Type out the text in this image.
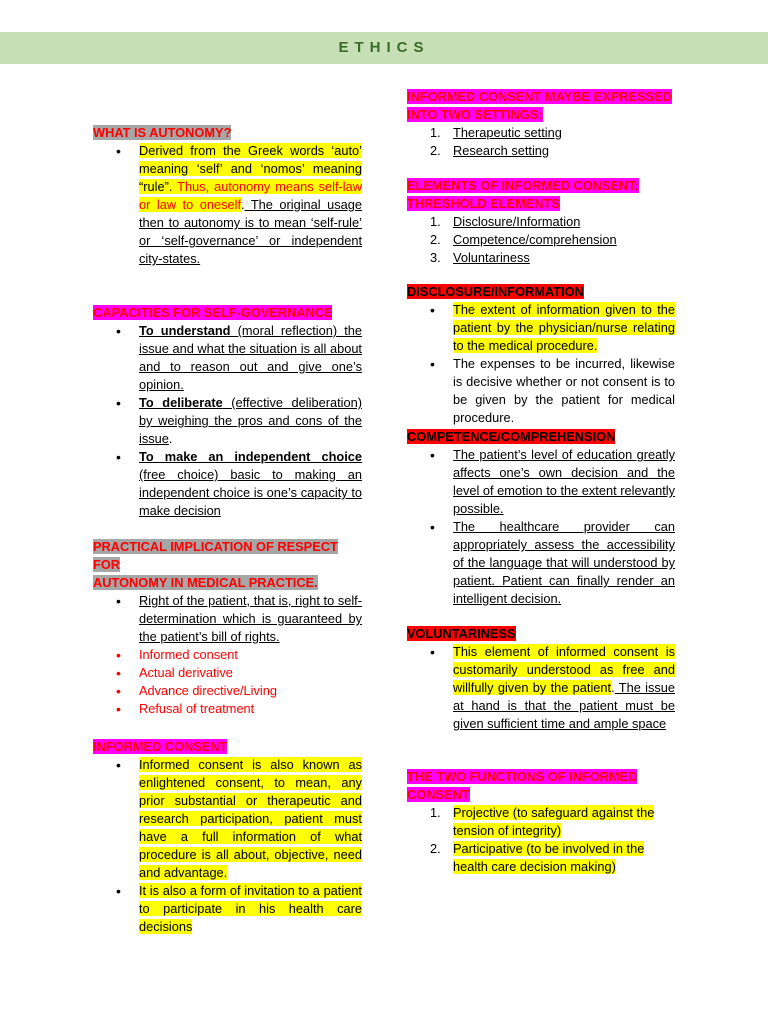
ETHICS
WHAT IS AUTONOMY?
• Derived from the Greek words ‘auto’ meaning ‘self’ and ‘nomos’ meaning “rule”. Thus, autonomy means self-law or law to oneself. The original usage then to autonomy is to mean ‘self-rule’ or ‘self-governance’ or independent city-states.
CAPACITIES FOR SELF-GOVERNANCE
• To understand (moral reflection) the issue and what the situation is all about and to reason out and give one’s opinion.
• To deliberate (effective deliberation) by weighing the pros and cons of the issue.
• To make an independent choice (free choice) basic to making an independent choice is one’s capacity to make decision
PRACTICAL IMPLICATION OF RESPECT FOR
AUTONOMY IN MEDICAL PRACTICE.
• Right of the patient, that is, right to self-determination which is guaranteed by the patient’s bill of rights.
• Informed consent
• Actual derivative
• Advance directive/Living
• Refusal of treatment
INFORMED CONSENT
• Informed consent is also known as enlightened consent, to mean, any prior substantial or therapeutic and research participation, patient must have a full information of what procedure is all about, objective, need and advantage.
• It is also a form of invitation to a patient to participate in his health care decisions
INFORMED CONSENT MAYBE EXPRESSED
INTO TWO SETTINGS:
1. Therapeutic setting
2. Research setting
ELEMENTS OF INFORMED CONSENT:
THRESHOLD ELEMENTS
1. Disclosure/Information
2. Competence/comprehension
3. Voluntariness
DISCLOSURE/INFORMATION
• The extent of information given to the patient by the physician/nurse relating to the medical procedure.
• The expenses to be incurred, likewise is decisive whether or not consent is to be given by the patient for medical procedure.
COMPETENCE/COMPREHENSION
• The patient’s level of education greatly affects one’s own decision and the level of emotion to the extent relevantly possible.
• The healthcare provider can appropriately assess the accessibility of the language that will understood by patient. Patient can finally render an intelligent decision.
VOLUNTARINESS
• This element of informed consent is customarily understood as free and willfully given by the patient. The issue at hand is that the patient must be given sufficient time and ample space
THE TWO FUNCTIONS OF INFORMED
CONSENT
1. Projective (to safeguard against the tension of integrity)
2. Participative (to be involved in the health care decision making)
